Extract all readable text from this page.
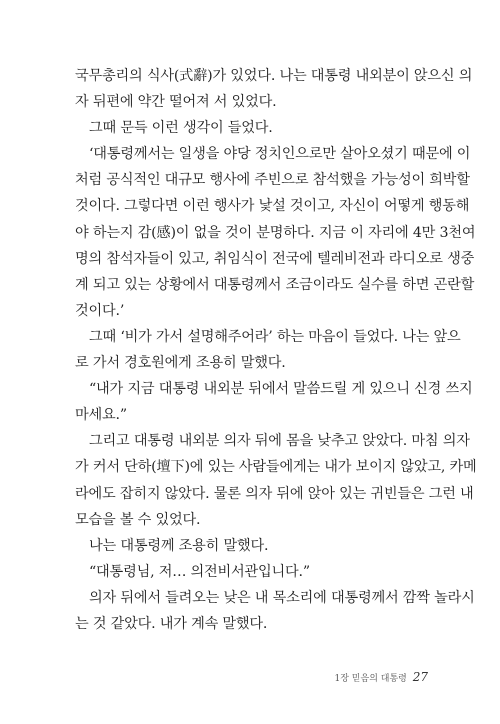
국무총리의 식사(式辭)가 있었다. 나는 대통령 내외분이 앉으신 의
자 뒤편에 약간 떨어져 서 있었다.
그때 문득 이런 생각이 들었다.
‘대통령께서는 일생을 야당 정치인으로만 살아오셨기 때문에 이
처럼 공식적인 대규모 행사에 주빈으로 참석했을 가능성이 희박할
것이다. 그렇다면 이런 행사가 낯설 것이고, 자신이 어떻게 행동해
야 하는지 감(感)이 없을 것이 분명하다. 지금 이 자리에 4만 3천여
명의 참석자들이 있고, 취임식이 전국에 텔레비전과 라디오로 생중
계 되고 있는 상황에서 대통령께서 조금이라도 실수를 하면 곤란할
것이다.’
그때 ‘비가 가서 설명해주어라’ 하는 마음이 들었다. 나는 앞으
로 가서 경호원에게 조용히 말했다.
“내가 지금 대통령 내외분 뒤에서 말씀드릴 게 있으니 신경 쓰지
마세요.”
그리고 대통령 내외분 의자 뒤에 몸을 낮추고 앉았다. 마침 의자
가 커서 단하(壇下)에 있는 사람들에게는 내가 보이지 않았고, 카메
라에도 잡히지 않았다. 물론 의자 뒤에 앉아 있는 귀빈들은 그런 내
모습을 볼 수 있었다.
나는 대통령께 조용히 말했다.
“대통령님, 저… 의전비서관입니다.”
의자 뒤에서 들려오는 낮은 내 목소리에 대통령께서 깜짝 놀라시
는 것 같았다. 내가 계속 말했다.
1장 믿음의 대통령 27
